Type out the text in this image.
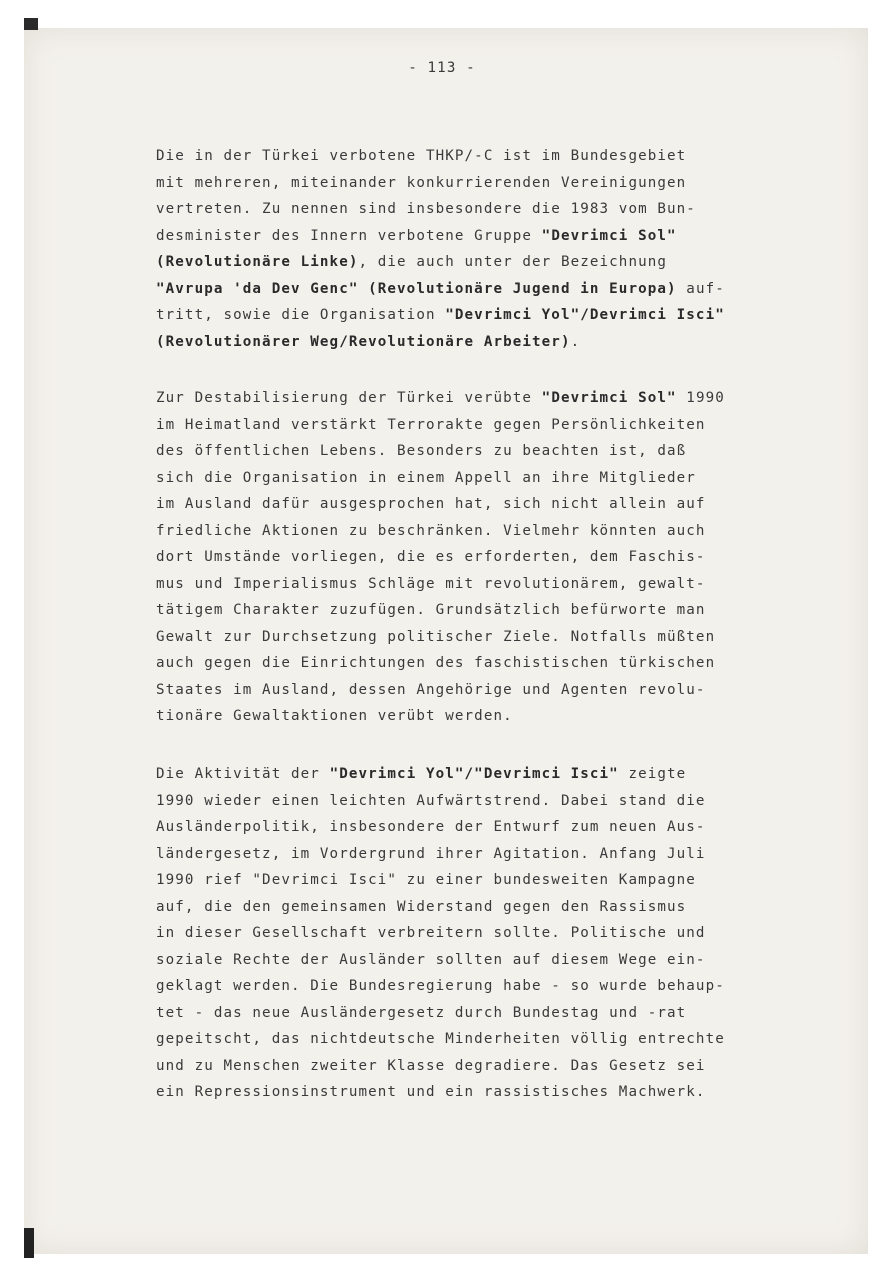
- 113 -
Die in der Türkei verbotene THKP/-C ist im Bundesgebiet
mit mehreren, miteinander konkurrierenden Vereinigungen
vertreten. Zu nennen sind insbesondere die 1983 vom Bun-
desminister des Innern verbotene Gruppe "Devrimci Sol"
(Revolutionäre Linke), die auch unter der Bezeichnung
"Avrupa 'da Dev Genc" (Revolutionäre Jugend in Europa) auf-
tritt, sowie die Organisation "Devrimci Yol"/Devrimci Isci"
(Revolutionärer Weg/Revolutionäre Arbeiter).
Zur Destabilisierung der Türkei verübte "Devrimci Sol" 1990
im Heimatland verstärkt Terrorakte gegen Persönlichkeiten
des öffentlichen Lebens. Besonders zu beachten ist, daß
sich die Organisation in einem Appell an ihre Mitglieder
im Ausland dafür ausgesprochen hat, sich nicht allein auf
friedliche Aktionen zu beschränken. Vielmehr könnten auch
dort Umstände vorliegen, die es erforderten, dem Faschis-
mus und Imperialismus Schläge mit revolutionärem, gewalt-
tätigem Charakter zuzufügen. Grundsätzlich befürworte man
Gewalt zur Durchsetzung politischer Ziele. Notfalls müßten
auch gegen die Einrichtungen des faschistischen türkischen
Staates im Ausland, dessen Angehörige und Agenten revolu-
tionäre Gewaltaktionen verübt werden.
Die Aktivität der "Devrimci Yol"/"Devrimci Isci" zeigte
1990 wieder einen leichten Aufwärtstrend. Dabei stand die
Ausländerpolitik, insbesondere der Entwurf zum neuen Aus-
ländergesetz, im Vordergrund ihrer Agitation. Anfang Juli
1990 rief "Devrimci Isci" zu einer bundesweiten Kampagne
auf, die den gemeinsamen Widerstand gegen den Rassismus
in dieser Gesellschaft verbreitern sollte. Politische und
soziale Rechte der Ausländer sollten auf diesem Wege ein-
geklagt werden. Die Bundesregierung habe - so wurde behaup-
tet - das neue Ausländergesetz durch Bundestag und -rat
gepeitscht, das nichtdeutsche Minderheiten völlig entrechte
und zu Menschen zweiter Klasse degradiere. Das Gesetz sei
ein Repressionsinstrument und ein rassistisches Machwerk.
